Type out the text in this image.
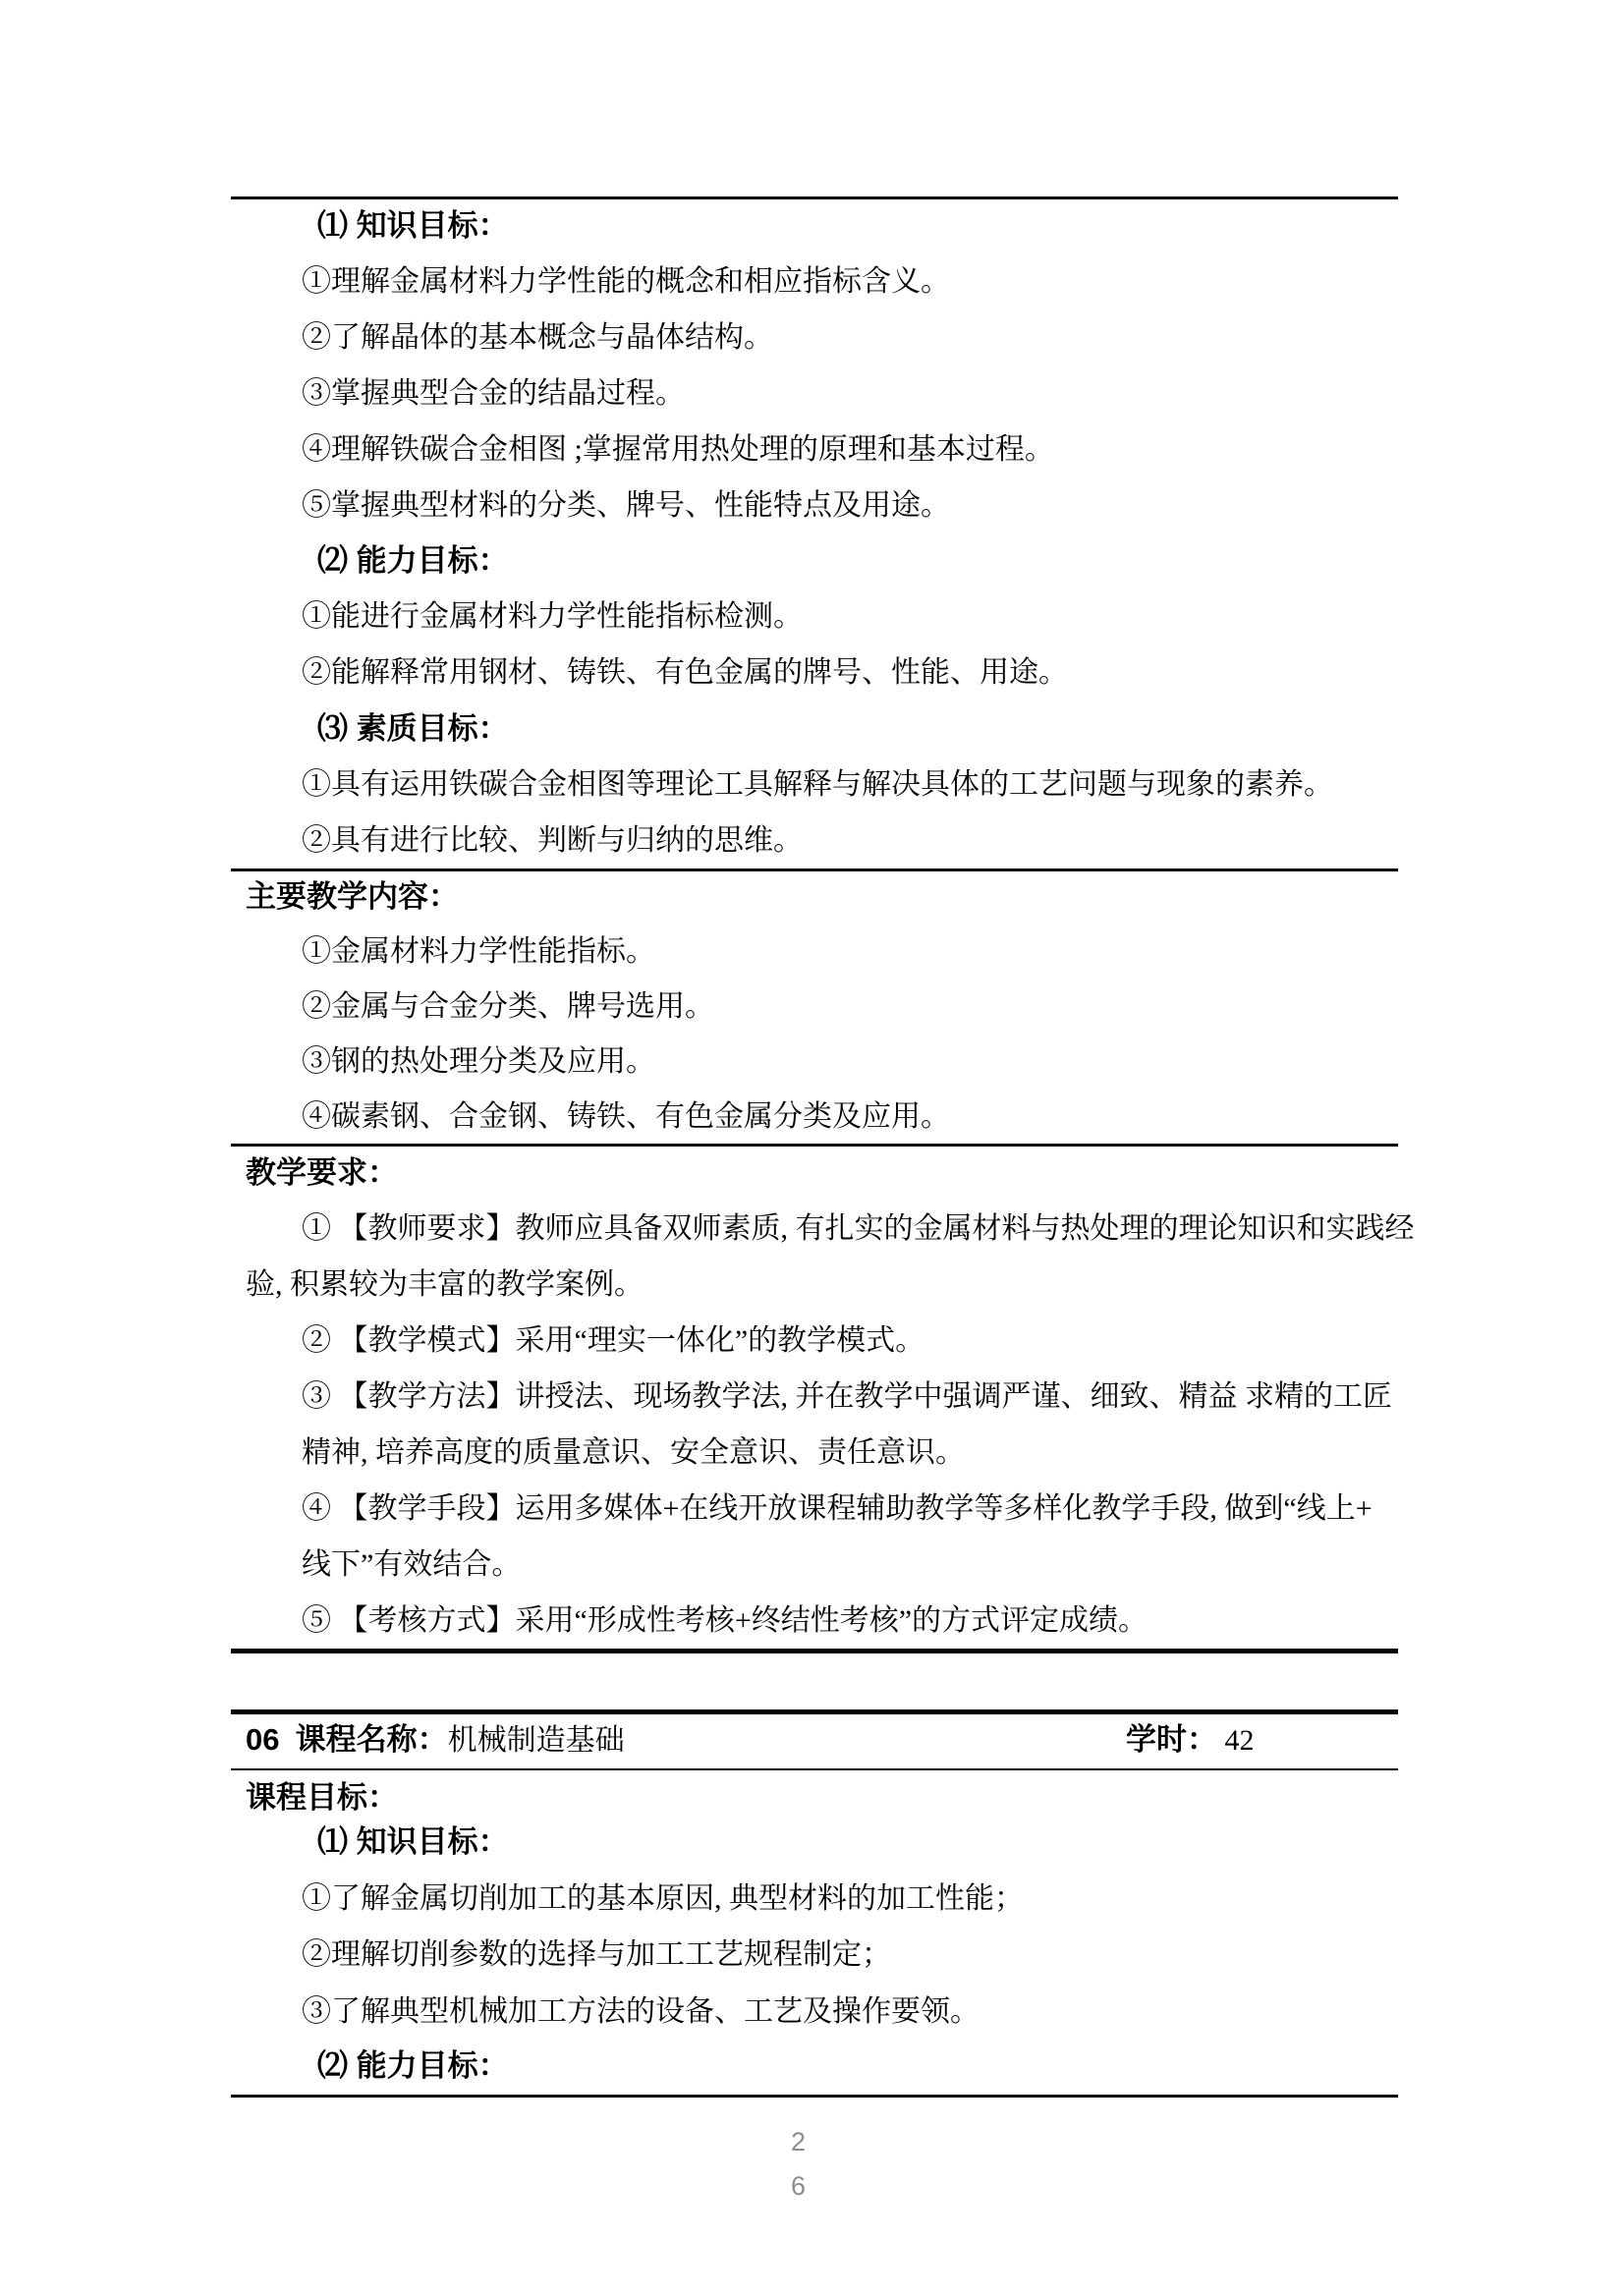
⑴ 知识目标：
①理解金属材料力学性能的概念和相应指标含义。
②了解晶体的基本概念与晶体结构。
③掌握典型合金的结晶过程。
④理解铁碳合金相图 ;掌握常用热处理的原理和基本过程。
⑤掌握典型材料的分类、牌号、性能特点及用途。
⑵ 能力目标：
①能进行金属材料力学性能指标检测。
②能解释常用钢材、铸铁、有色金属的牌号、性能、用途。
⑶ 素质目标：
①具有运用铁碳合金相图等理论工具解释与解决具体的工艺问题与现象的素养。
②具有进行比较、判断与归纳的思维。
主要教学内容：
①金属材料力学性能指标。
②金属与合金分类、牌号选用。
③钢的热处理分类及应用。
④碳素钢、合金钢、铸铁、有色金属分类及应用。
教学要求：
① 【教师要求】教师应具备双师素质, 有扎实的金属材料与热处理的理论知识和实践经
验, 积累较为丰富的教学案例。
② 【教学模式】采用“理实一体化”的教学模式。
③ 【教学方法】讲授法、现场教学法, 并在教学中强调严谨、细致、精益 求精的工匠
精神, 培养高度的质量意识、安全意识、责任意识。
④ 【教学手段】运用多媒体+在线开放课程辅助教学等多样化教学手段, 做到“线上+
线下”有效结合。
⑤ 【考核方式】采用“形成性考核+终结性考核”的方式评定成绩。
06 课程名称：机械制造基础	学时： 42
课程目标：
⑴ 知识目标：
①了解金属切削加工的基本原因, 典型材料的加工性能；
②理解切削参数的选择与加工工艺规程制定；
③了解典型机械加工方法的设备、工艺及操作要领。
⑵ 能力目标：
2
6
